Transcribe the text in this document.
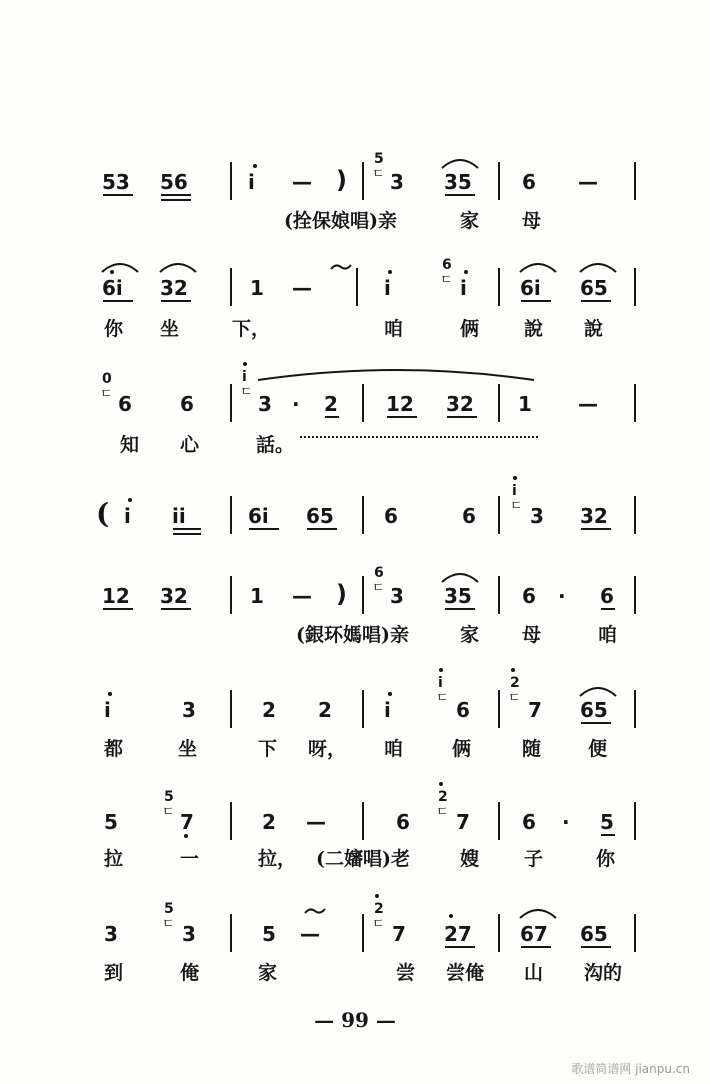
53 56	i — )
5
ㄷ 3 35	6 —
(拴保娘唱)亲	家 母
6i	32	1 —	i
6
ㄷ i	6i	65
你 坐	下，	咱	俩 說 說
0
ㄷ 6 6
i
ㄷ 3 · 2 12 32 1 —
知 心	話。
( i ii	6i	65	6	6
i
ㄷ 3 32
12 32	1 — )
6
ㄷ 3 35	6 · 6
(銀环媽唱)亲	家 母	咱
i	3	2 2	i
i
ㄷ 6
2
ㄷ 7 65
都	坐	下 呀， 咱	俩	随 便
5
5
ㄷ 7	2 —	6
2
ㄷ 7	6 · 5
拉	一	拉， (二嬸唱)老	嫂 子	你
3
5
ㄷ 3	5 —
2
ㄷ 7 27 67 65
到	俺	家	尝 尝俺 山 沟的
— 99 —
歌谱简谱网 jianpu.cn
